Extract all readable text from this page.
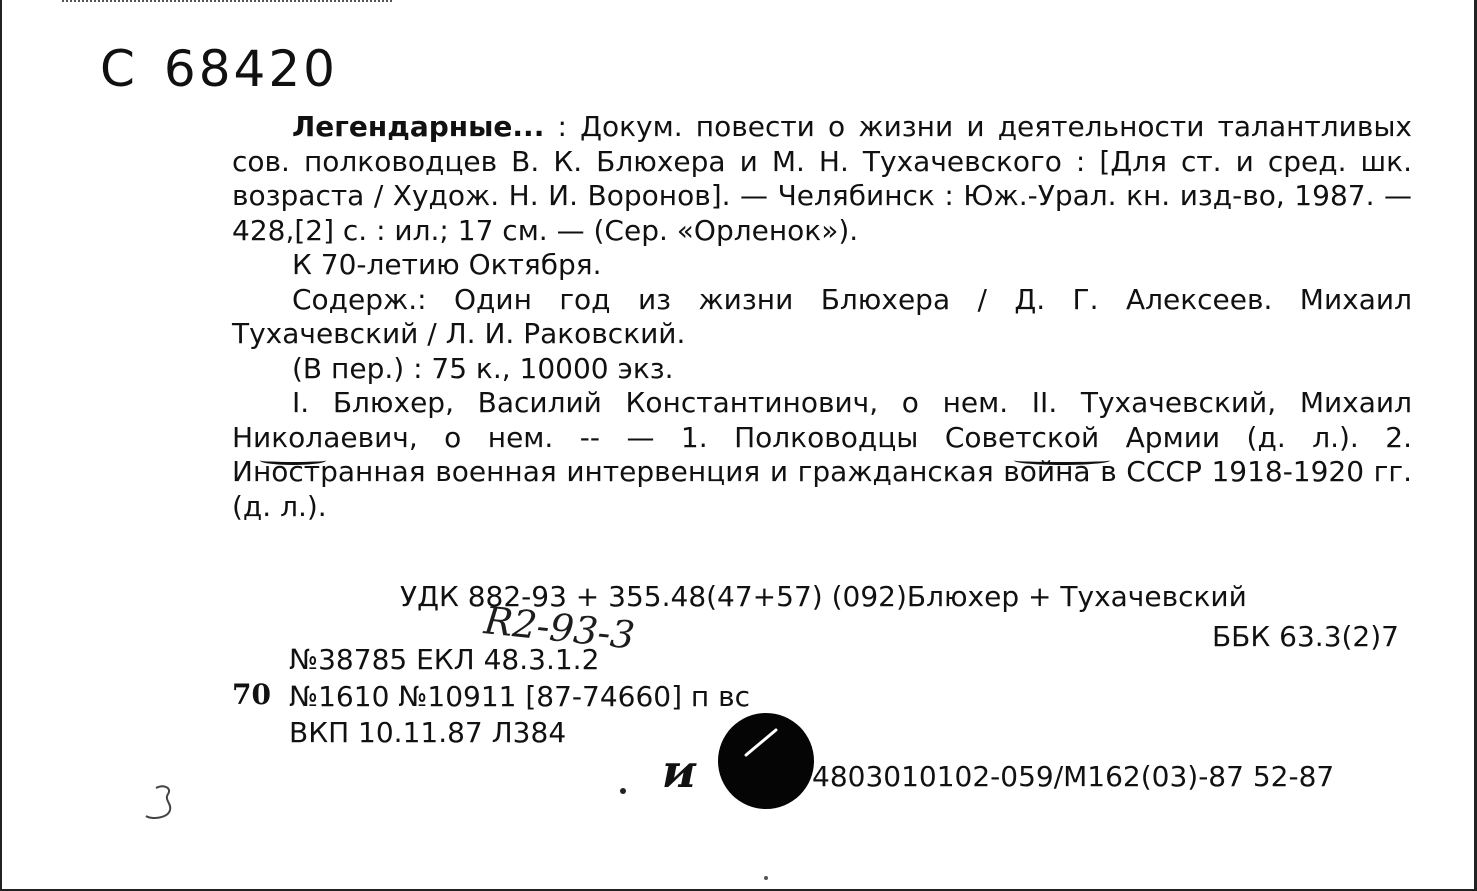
С 68420

Легендарные... : Докум. повести о жизни и деятельности талантливых сов. полководцев В. К. Блюхера и М. Н. Тухачевского : [Для ст. и сред. шк. возраста / Худож. Н. И. Воронов]. — Челябинск : Юж.-Урал. кн. изд-во, 1987. — 428,[2] с. : ил.; 17 см. — (Сер. «Орленок»).

К 70-летию Октября.

Содерж.: Один год из жизни Блюхера / Д. Г. Алексеев. Михаил Тухачевский / Л. И. Раковский.

(В пер.) : 75 к., 10000 экз.

I. Блюхер, Василий Константинович, о нем. II. Тухачевский, Михаил Николаевич, о нем. -- — 1. Полководцы Советской Армии (д. л.). 2. Иностранная военная интервенция и гражданская война в СССР 1918-1920 гг. (д. л.).

УДК 882-93 + 355.48(47+57) (092)Блюхер + Тухачевский
ББК 63.3(2)7
R2-93-3
№38785 ЕКЛ 48.3.1.2
70 №1610 №10911 [87-74660] п вс
ВКП 10.11.87 Л384
ᴎ	4803010102-059/М162(03)-87 52-87
